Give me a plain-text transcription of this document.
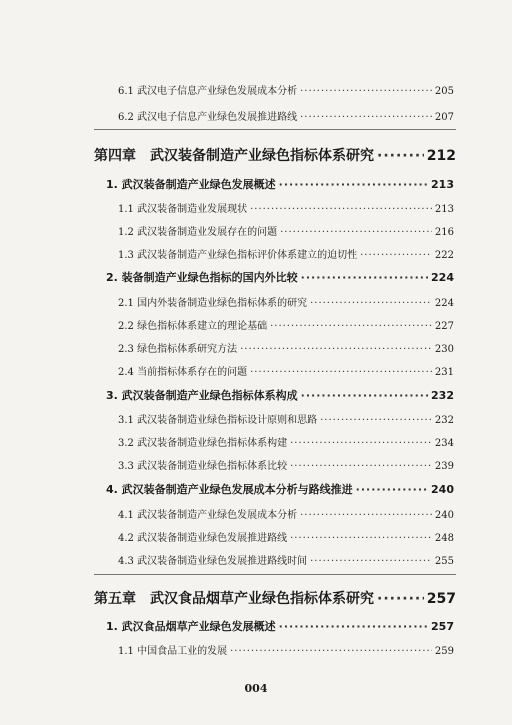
6.1 武汉电子信息产业绿色发展成本分析 ·····	205
6.2 武汉电子信息产业绿色发展推进路线 ·····	207
第四章 武汉装备制造产业绿色指标体系研究 ·····	212
1. 武汉装备制造产业绿色发展概述 ·····	213
1.1 武汉装备制造业发展现状 ·····	213
1.2 武汉装备制造业发展存在的问题 ·····	216
1.3 武汉装备制造产业绿色指标评价体系建立的迫切性 ·····	222
2. 装备制造产业绿色指标的国内外比较 ·····	224
2.1 国内外装备制造业绿色指标体系的研究 ·····	224
2.2 绿色指标体系建立的理论基础 ·····	227
2.3 绿色指标体系研究方法 ·····	230
2.4 当前指标体系存在的问题 ·····	231
3. 武汉装备制造产业绿色指标体系构成 ·····	232
3.1 武汉装备制造业绿色指标设计原则和思路 ·····	232
3.2 武汉装备制造业绿色指标体系构建 ·····	234
3.3 武汉装备制造业绿色指标体系比较 ·····	239
4. 武汉装备制造产业绿色发展成本分析与路线推进 ·····	240
4.1 武汉装备制造产业绿色发展成本分析 ·····	240
4.2 武汉装备制造业绿色发展推进路线 ·····	248
4.3 武汉装备制造业绿色发展推进路线时间 ·····	255
第五章 武汉食品烟草产业绿色指标体系研究 ·····	257
1. 武汉食品烟草产业绿色发展概述 ·····	257
1.1 中国食品工业的发展 ·····	259
004
